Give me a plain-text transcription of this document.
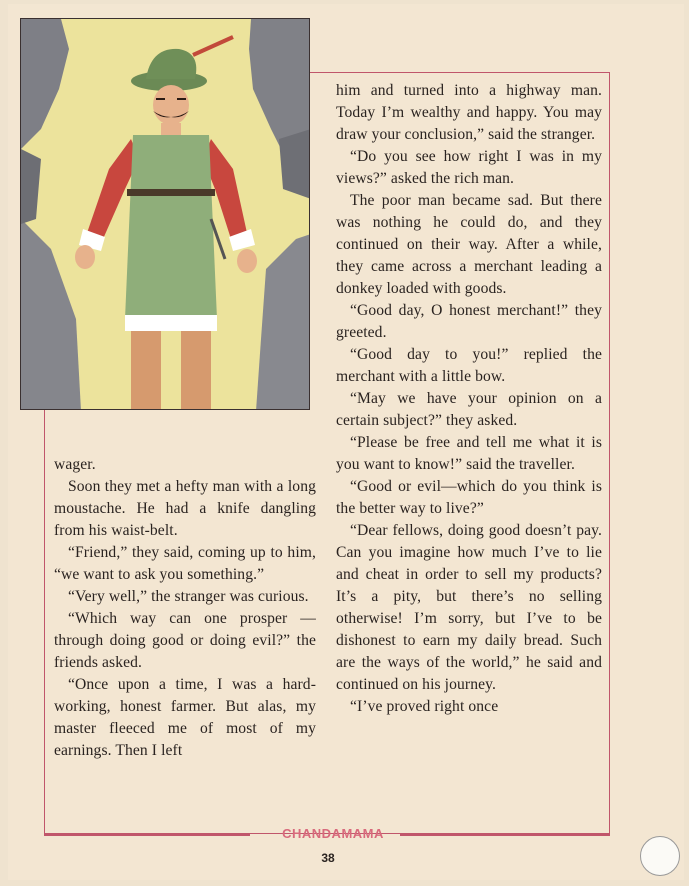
wager.

Soon they met a hefty man with a long moustache. He had a knife dangling from his waist-belt.

“Friend,” they said, coming up to him, “we want to ask you something.”

“Very well,” the stranger was curious.

“Which way can one prosper —through doing good or doing evil?” the friends asked.

“Once upon a time, I was a hard-working, honest farmer. But alas, my master fleeced me of most of my earnings. Then I left

him and turned into a highway man. Today I’m wealthy and happy. You may draw your conclusion,” said the stranger.

“Do you see how right I was in my views?” asked the rich man.

The poor man became sad. But there was nothing he could do, and they continued on their way. After a while, they came across a merchant leading a donkey loaded with goods.

“Good day, O honest merchant!” they greeted.

“Good day to you!” replied the merchant with a little bow.

“May we have your opinion on a certain subject?” they asked.

“Please be free and tell me what it is you want to know!” said the traveller.

“Good or evil—which do you think is the better way to live?”

“Dear fellows, doing good doesn’t pay. Can you imagine how much I’ve to lie and cheat in order to sell my products? It’s a pity, but there’s no selling otherwise! I’m sorry, but I’ve to be dishonest to earn my daily bread. Such are the ways of the world,” he said and continued on his journey.

“I’ve proved right once

CHANDAMAMA
38
